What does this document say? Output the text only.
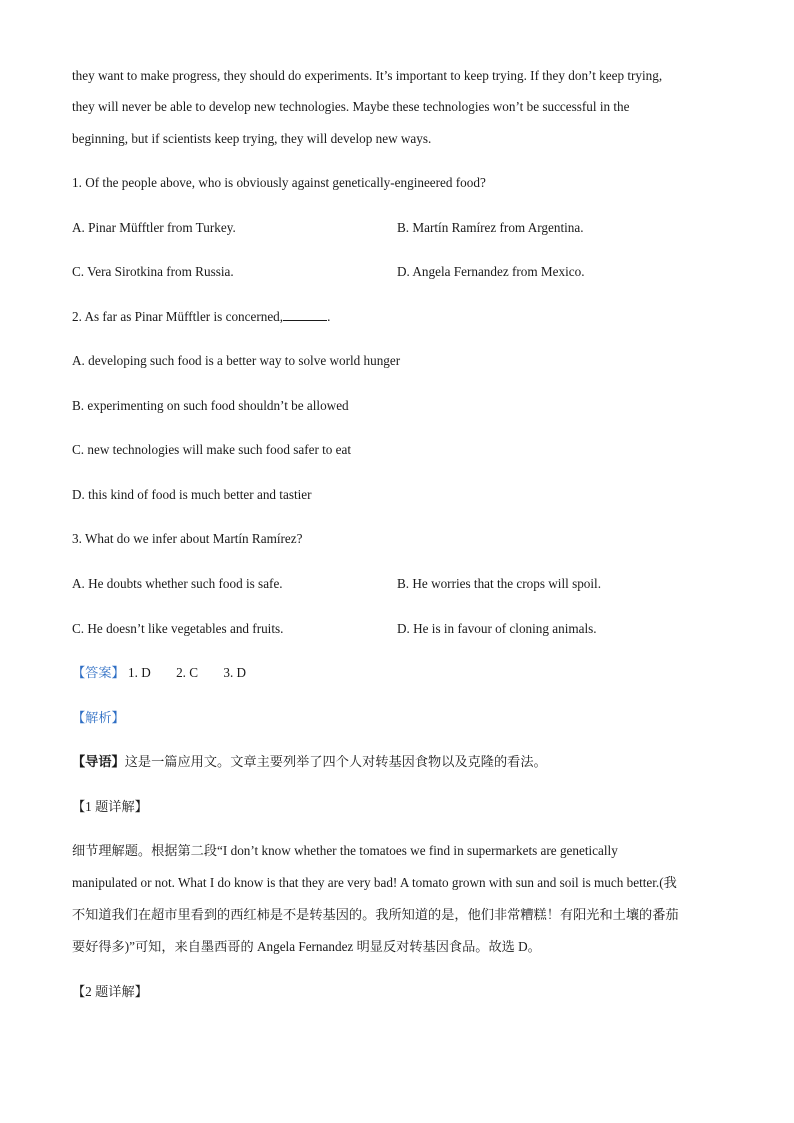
they want to make progress, they should do experiments. It’s important to keep trying. If they don’t keep trying,
they will never be able to develop new technologies. Maybe these technologies won’t be successful in the
beginning, but if scientists keep trying, they will develop new ways.
1. Of the people above, who is obviously against genetically-engineered food?
A. Pinar Müfftler from Turkey.	B. Martín Ramírez from Argentina.
C. Vera Sirotkina from Russia.	D. Angela Fernandez from Mexico.
2. As far as Pinar Müfftler is concerned,	.
A. developing such food is a better way to solve world hunger
B. experimenting on such food shouldn’t be allowed
C. new technologies will make such food safer to eat
D. this kind of food is much better and tastier
3. What do we infer about Martín Ramírez?
A. He doubts whether such food is safe.	B. He worries that the crops will spoil.
C. He doesn’t like vegetables and fruits.	D. He is in favour of cloning animals.
【答案】 1. D 2. C 3. D
【解析】
【导语】这是一篇应用文。文章主要列举了四个人对转基因食物以及克隆的看法。
【1 题详解】
细节理解题。根据第二段“I don’t know whether the tomatoes we find in supermarkets are genetically
manipulated or not. What I do know is that they are very bad! A tomato grown with sun and soil is much better.(我
不知道我们在超市里看到的西红柿是不是转基因的。我所知道的是，他们非常糟糕！有阳光和土壤的番茄
要好得多)”可知，来自墨西哥的 Angela Fernandez 明显反对转基因食品。故选 D。
【2 题详解】
